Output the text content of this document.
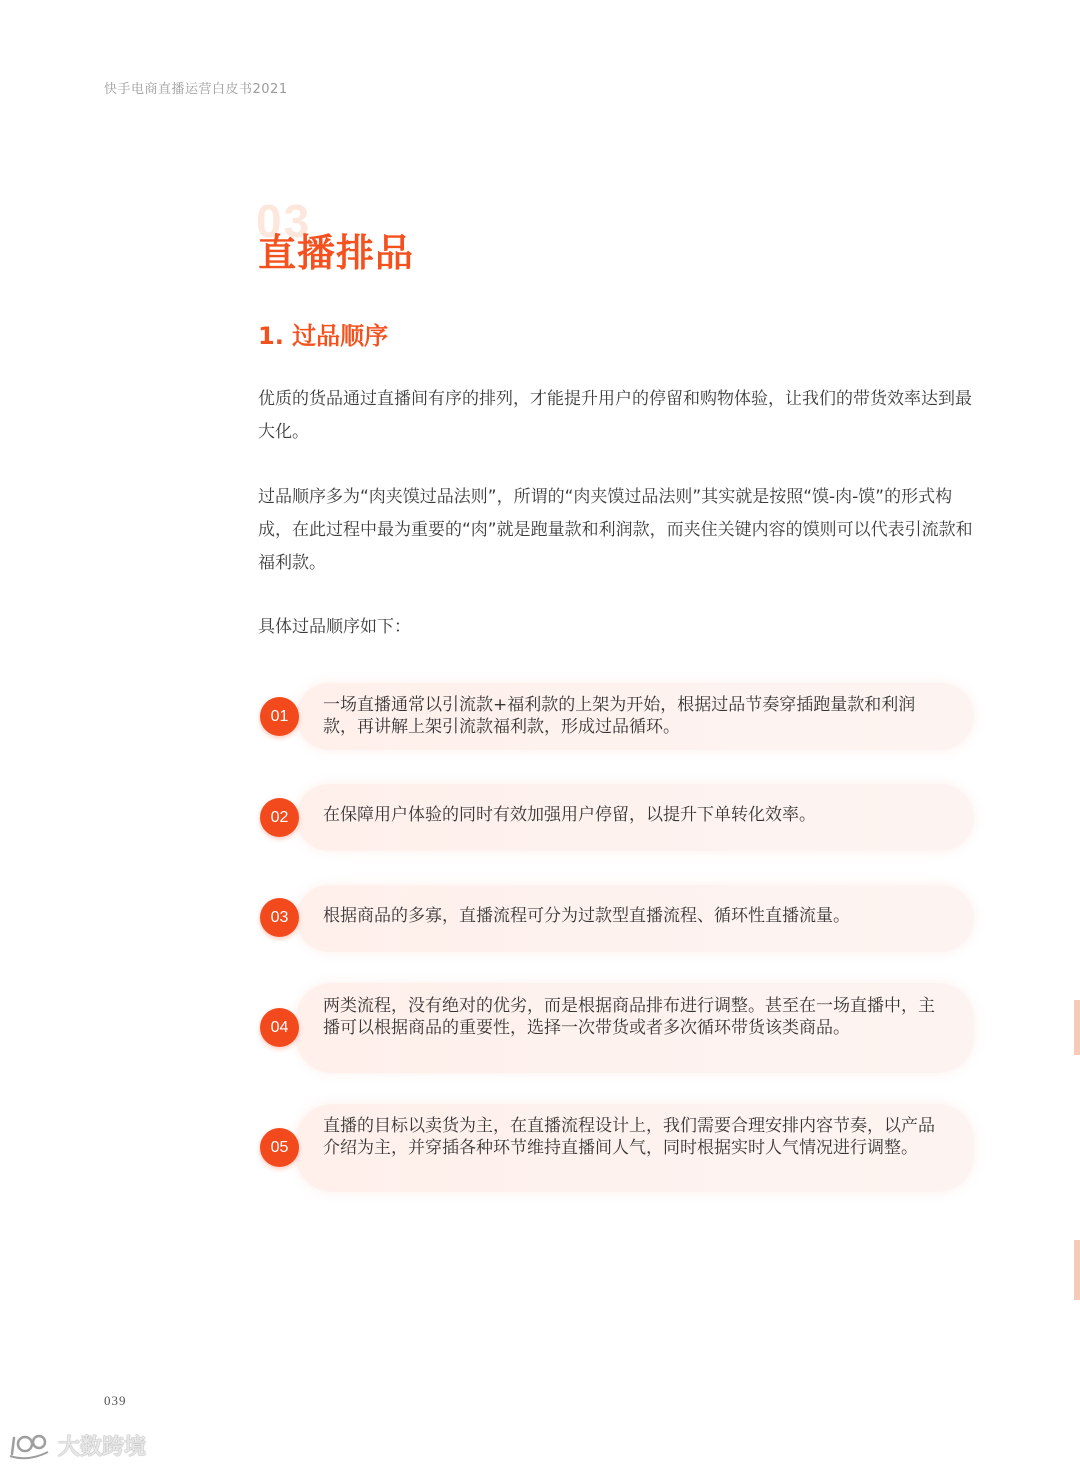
快手电商直播运营白皮书2021
03
直播排品
1. 过品顺序

优质的货品通过直播间有序的排列，才能提升用户的停留和购物体验，让我们的带货效率达到最大化。

过品顺序多为“肉夹馍过品法则”，所谓的“肉夹馍过品法则”其实就是按照“馍-肉-馍”的形式构成，在此过程中最为重要的“肉”就是跑量款和利润款，而夹住关键内容的馍则可以代表引流款和福利款。

具体过品顺序如下：

一场直播通常以引流款+福利款的上架为开始，根据过品节奏穿插跑量款和利润款，再讲解上架引流款福利款，形成过品循环。
01
在保障用户体验的同时有效加强用户停留，以提升下单转化效率。
02
根据商品的多寡，直播流程可分为过款型直播流程、循环性直播流量。
03
两类流程，没有绝对的优劣，而是根据商品排布进行调整。甚至在一场直播中，主播可以根据商品的重要性，选择一次带货或者多次循环带货该类商品。
04
直播的目标以卖货为主，在直播流程设计上，我们需要合理安排内容节奏，以产品介绍为主，并穿插各种环节维持直播间人气，同时根据实时人气情况进行调整。
05
039
大数跨境
